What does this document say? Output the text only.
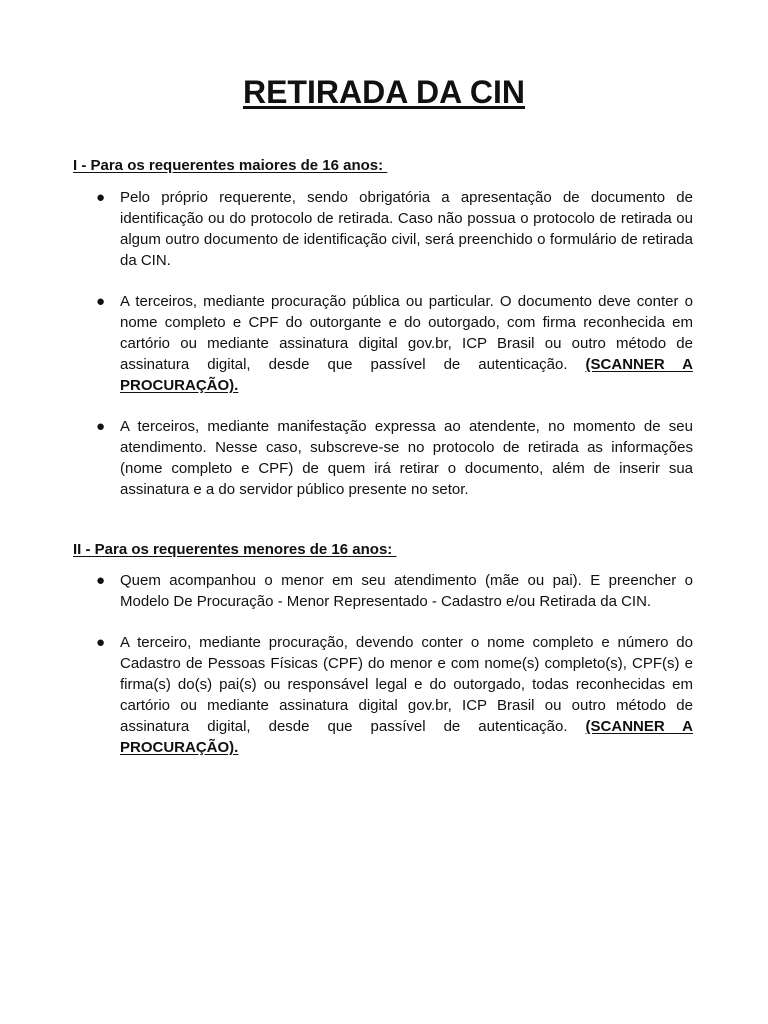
RETIRADA DA CIN
I - Para os requerentes maiores de 16 anos:
● Pelo próprio requerente, sendo obrigatória a apresentação de documento de identificação ou do protocolo de retirada. Caso não possua o protocolo de retirada ou algum outro documento de identificação civil, será preenchido o formulário de retirada da CIN.
● A terceiros, mediante procuração pública ou particular. O documento deve conter o nome completo e CPF do outorgante e do outorgado, com firma reconhecida em cartório ou mediante assinatura digital gov.br, ICP Brasil ou outro método de assinatura digital, desde que passível de autenticação. (SCANNER A PROCURAÇÃO).
● A terceiros, mediante manifestação expressa ao atendente, no momento de seu atendimento. Nesse caso, subscreve-se no protocolo de retirada as informações (nome completo e CPF) de quem irá retirar o documento, além de inserir sua assinatura e a do servidor público presente no setor.
II - Para os requerentes menores de 16 anos:
● Quem acompanhou o menor em seu atendimento (mãe ou pai). E preencher o Modelo De Procuração - Menor Representado - Cadastro e/ou Retirada da CIN.
● A terceiro, mediante procuração, devendo conter o nome completo e número do Cadastro de Pessoas Físicas (CPF) do menor e com nome(s) completo(s), CPF(s) e firma(s) do(s) pai(s) ou responsável legal e do outorgado, todas reconhecidas em cartório ou mediante assinatura digital gov.br, ICP Brasil ou outro método de assinatura digital, desde que passível de autenticação. (SCANNER A PROCURAÇÃO).
